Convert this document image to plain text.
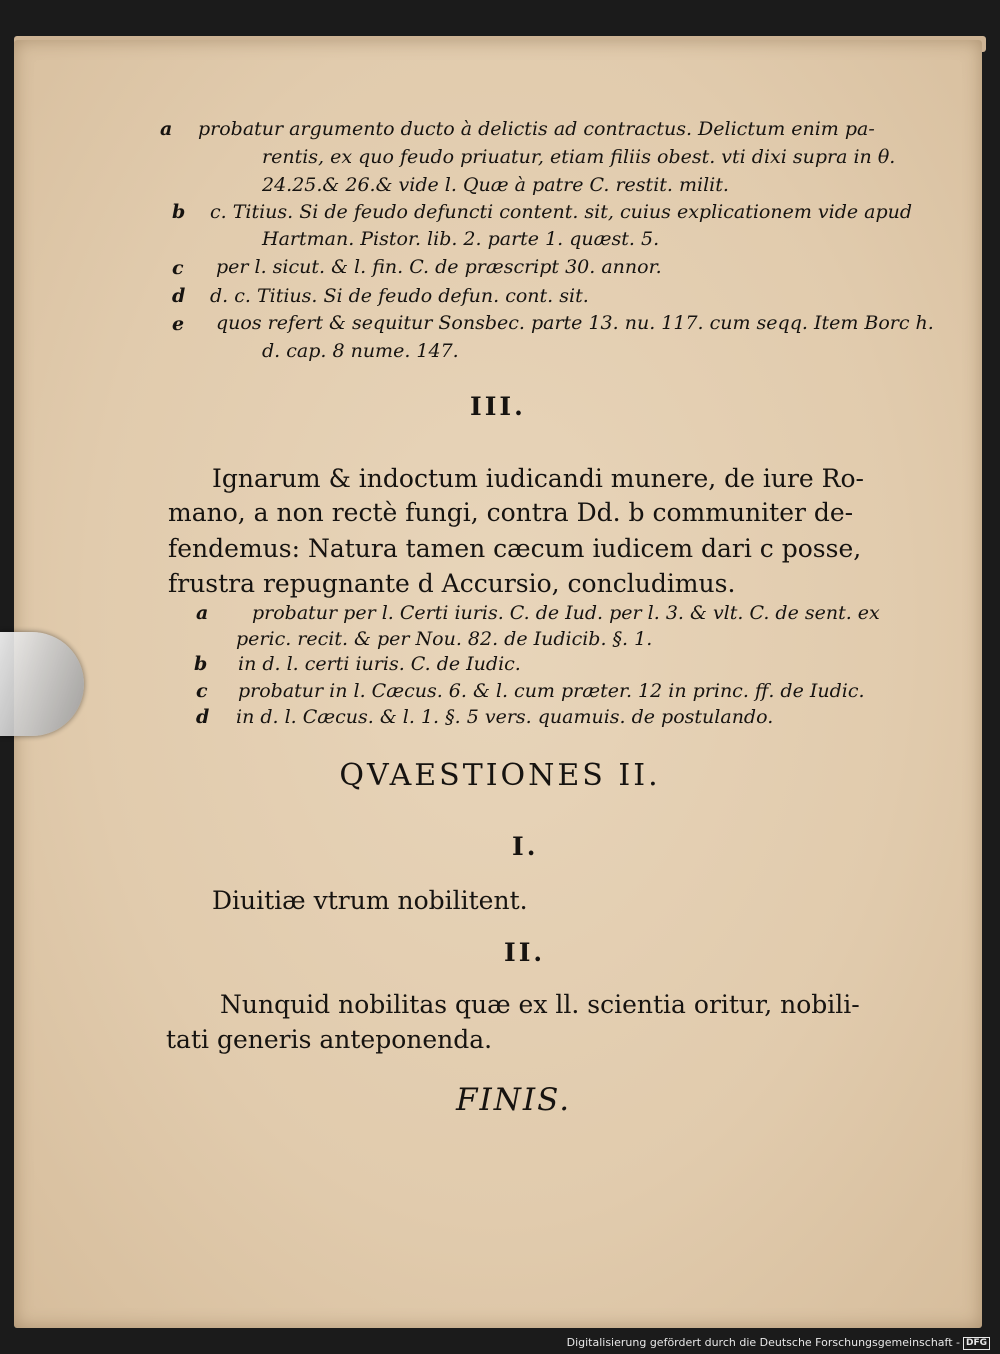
a probatur argumento ducto à delictis ad contractus. Delictum enim pa-
rentis, ex quo feudo priuatur, etiam filiis obest. vti dixi supra in θ.
24.25.& 26.& vide l. Quæ à patre C. restit. milit.
b c. Titius. Si de feudo defuncti content. sit, cuius explicationem vide apud
Hartman. Pistor. lib. 2. parte 1. quæst. 5.
c per l. sicut. & l. fin. C. de præscript 30. annor.
d d. c. Titius. Si de feudo defun. cont. sit.
e quos refert & sequitur Sonsbec. parte 13. nu. 117. cum seqq. Item Borc h.
d. cap. 8 nume. 147.
III.
Ignarum & indoctum iudicandi munere, de iure Ro-
mano, a non rectè fungi, contra Dd. b communiter de-
fendemus: Natura tamen cæcum iudicem dari c posse,
frustra repugnante d Accursio, concludimus.
a probatur per l. Certi iuris. C. de Iud. per l. 3. & vlt. C. de sent. ex
peric. recit. & per Nou. 82. de Iudicib. §. 1.
b in d. l. certi iuris. C. de Iudic.
c probatur in l. Cæcus. 6. & l. cum præter. 12 in princ. ff. de Iudic.
d in d. l. Cæcus. & l. 1. §. 5 vers. quamuis. de postulando.
QVAESTIONES II.
I.
Diuitiæ vtrum nobilitent.
II.
Nunquid nobilitas quæ ex ll. scientia oritur, nobili-
tati generis anteponenda.
FINIS.
Digitalisierung gefördert durch die Deutsche Forschungsgemeinschaft - DFG
